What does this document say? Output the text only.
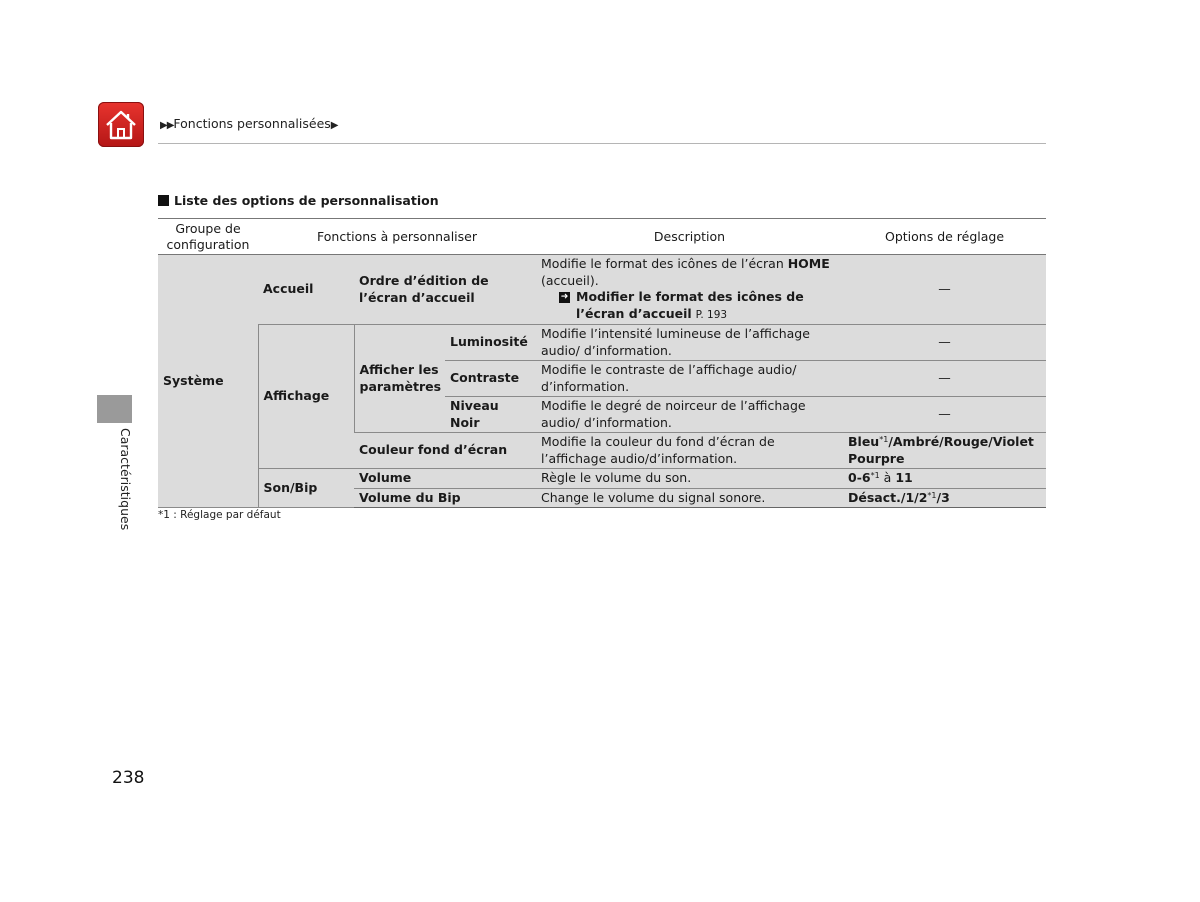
▶▶Fonctions personnalisées▶
Caractéristiques
Liste des options de personnalisation
Groupe de configuration	Fonctions à personnaliser			Description	Options de réglage
Système	Accueil	Ordre d’édition de l’écran d’accueil		Modifie le format des icônes de l’écran HOME (accueil).
➜ Modifier le format des icônes de l’écran d’accueil P. 193	—
	Affichage	Afficher les paramètres	Luminosité	Modifie l’intensité lumineuse de l’affichage audio/ d’information.	—
			Contraste	Modifie le contraste de l’affichage audio/ d’information.	—
			Niveau Noir	Modifie le degré de noirceur de l’affichage audio/ d’information.	—
		Couleur fond d’écran		Modifie la couleur du fond d’écran de l’affichage audio/d’information.	Bleu$^{*1}$/Ambré/Rouge/Violet Pourpre
	Son/Bip	Volume		Règle le volume du son.	0-6$^{*1}$ à 11
		Volume du Bip		Change le volume du signal sonore.	Désact./1/2$^{*1}$/3
*1 : Réglage par défaut
238
